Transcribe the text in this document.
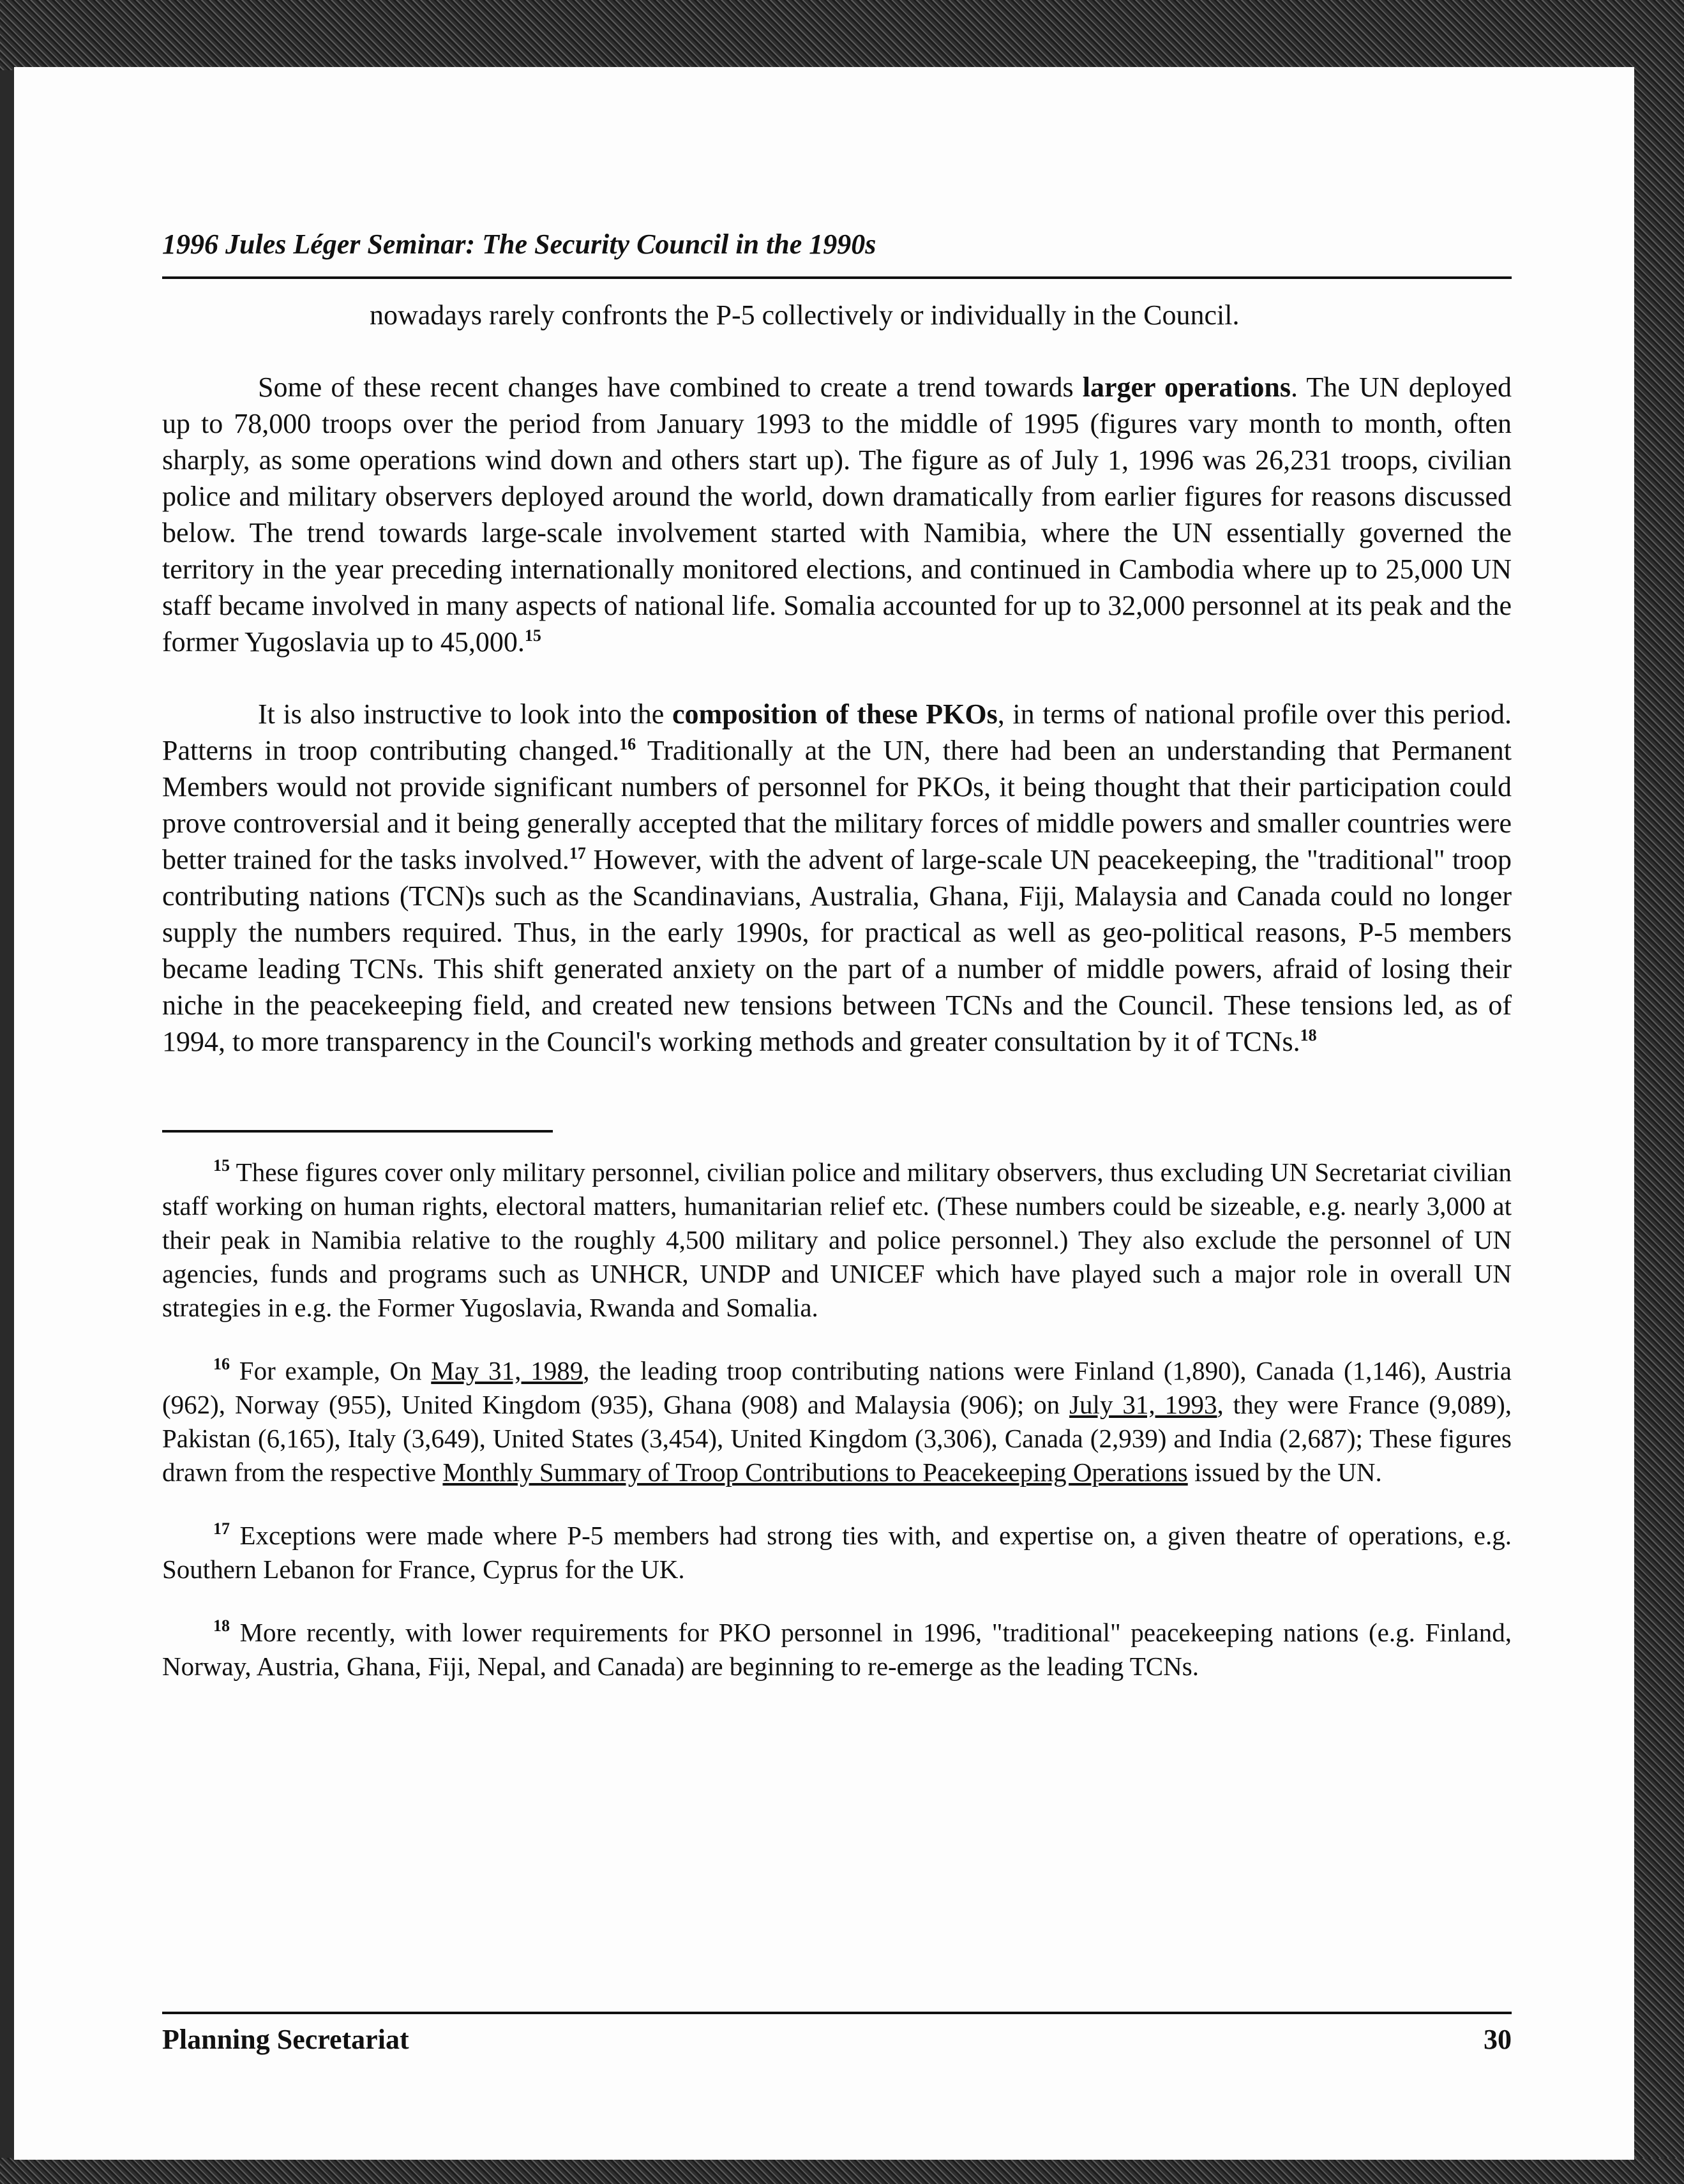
1996 Jules Léger Seminar: The Security Council in the 1990s

nowadays rarely confronts the P-5 collectively or individually in the Council.

Some of these recent changes have combined to create a trend towards larger operations. The UN deployed up to 78,000 troops over the period from January 1993 to the middle of 1995 (figures vary month to month, often sharply, as some operations wind down and others start up). The figure as of July 1, 1996 was 26,231 troops, civilian police and military observers deployed around the world, down dramatically from earlier figures for reasons discussed below. The trend towards large-scale involvement started with Namibia, where the UN essentially governed the territory in the year preceding internationally monitored elections, and continued in Cambodia where up to 25,000 UN staff became involved in many aspects of national life. Somalia accounted for up to 32,000 personnel at its peak and the former Yugoslavia up to 45,000.15

It is also instructive to look into the composition of these PKOs, in terms of national profile over this period. Patterns in troop contributing changed.$^{16}$ Traditionally at the UN, there had been an understanding that Permanent Members would not provide significant numbers of personnel for PKOs, it being thought that their participation could prove controversial and it being generally accepted that the military forces of middle powers and smaller countries were better trained for the tasks involved.$^{17}$ However, with the advent of large-scale UN peacekeeping, the "traditional" troop contributing nations (TCN)s such as the Scandinavians, Australia, Ghana, Fiji, Malaysia and Canada could no longer supply the numbers required. Thus, in the early 1990s, for practical as well as geo-political reasons, P-5 members became leading TCNs. This shift generated anxiety on the part of a number of middle powers, afraid of losing their niche in the peacekeeping field, and created new tensions between TCNs and the Council. These tensions led, as of 1994, to more transparency in the Council's working methods and greater consultation by it of TCNs.$^{18}$

$^{15}$ These figures cover only military personnel, civilian police and military observers, thus excluding UN Secretariat civilian staff working on human rights, electoral matters, humanitarian relief etc. (These numbers could be sizeable, e.g. nearly 3,000 at their peak in Namibia relative to the roughly 4,500 military and police personnel.) They also exclude the personnel of UN agencies, funds and programs such as UNHCR, UNDP and UNICEF which have played such a major role in overall UN strategies in e.g. the Former Yugoslavia, Rwanda and Somalia.

$^{16}$ For example, On May 31, 1989, the leading troop contributing nations were Finland (1,890), Canada (1,146), Austria (962), Norway (955), United Kingdom (935), Ghana (908) and Malaysia (906); on July 31, 1993, they were France (9,089), Pakistan (6,165), Italy (3,649), United States (3,454), United Kingdom (3,306), Canada (2,939) and India (2,687); These figures drawn from the respective Monthly Summary of Troop Contributions to Peacekeeping Operations issued by the UN.

$^{17}$ Exceptions were made where P-5 members had strong ties with, and expertise on, a given theatre of operations, e.g. Southern Lebanon for France, Cyprus for the UK.

$^{18}$ More recently, with lower requirements for PKO personnel in 1996, "traditional" peacekeeping nations (e.g. Finland, Norway, Austria, Ghana, Fiji, Nepal, and Canada) are beginning to re-emerge as the leading TCNs.

Planning Secretariat	30
